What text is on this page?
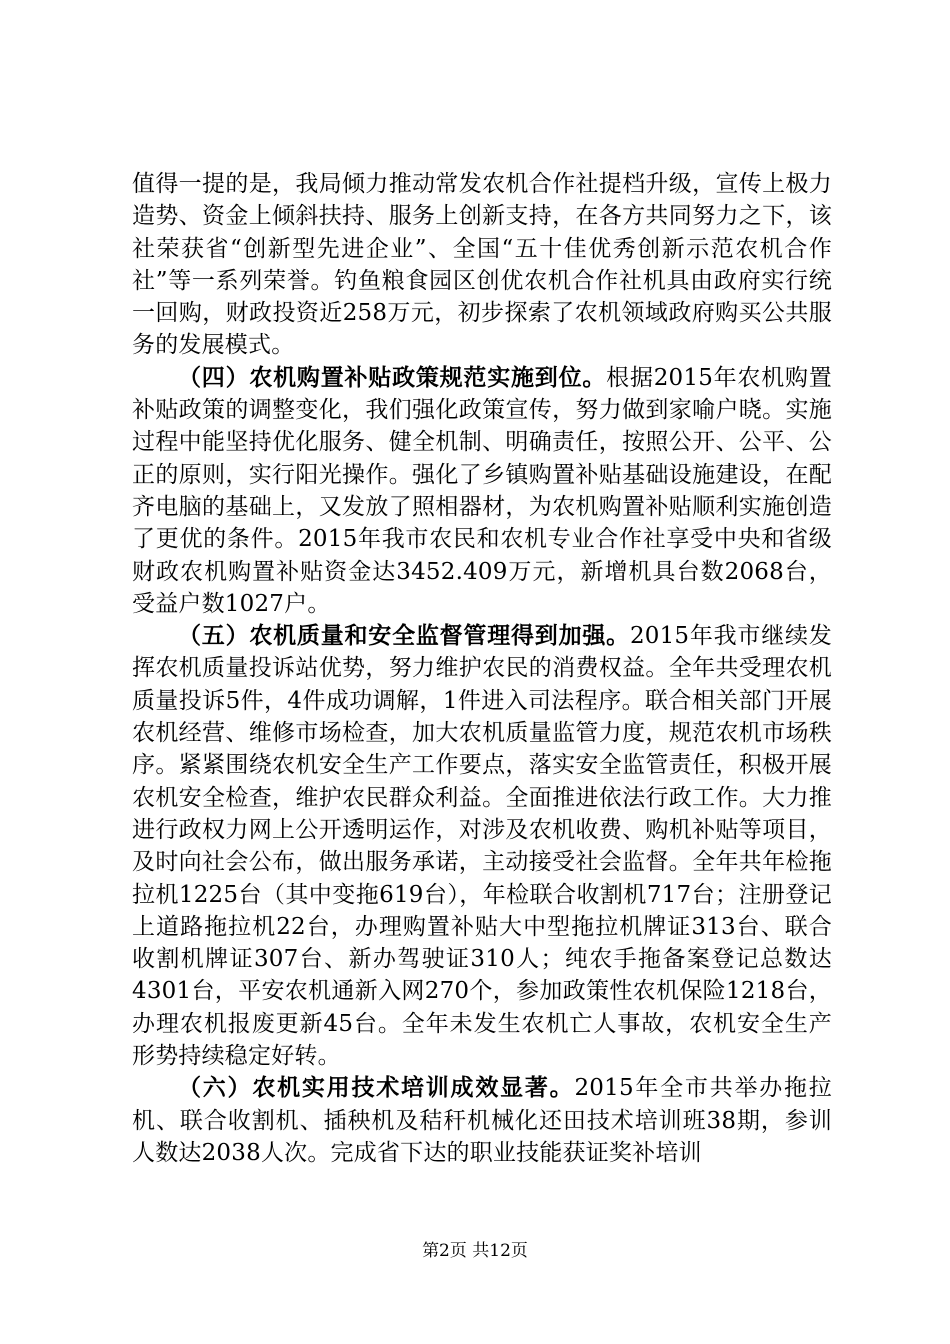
值得一提的是，我局倾力推动常发农机合作社提档升级，宣传上极力造势、资金上倾斜扶持、服务上创新支持，在各方共同努力之下，该社荣获省“创新型先进企业”、全国“五十佳优秀创新示范农机合作社”等一系列荣誉。钓鱼粮食园区创优农机合作社机具由政府实行统一回购，财政投资近258万元，初步探索了农机领域政府购买公共服务的发展模式。

（四）农机购置补贴政策规范实施到位。根据2015年农机购置补贴政策的调整变化，我们强化政策宣传，努力做到家喻户晓。实施过程中能坚持优化服务、健全机制、明确责任，按照公开、公平、公正的原则，实行阳光操作。强化了乡镇购置补贴基础设施建设，在配齐电脑的基础上，又发放了照相器材，为农机购置补贴顺利实施创造了更优的条件。2015年我市农民和农机专业合作社享受中央和省级财政农机购置补贴资金达3452.409万元，新增机具台数2068台，受益户数1027户。

（五）农机质量和安全监督管理得到加强。2015年我市继续发挥农机质量投诉站优势，努力维护农民的消费权益。全年共受理农机质量投诉5件，4件成功调解，1件进入司法程序。联合相关部门开展农机经营、维修市场检查，加大农机质量监管力度，规范农机市场秩序。紧紧围绕农机安全生产工作要点，落实安全监管责任，积极开展农机安全检查，维护农民群众利益。全面推进依法行政工作。大力推进行政权力网上公开透明运作，对涉及农机收费、购机补贴等项目，及时向社会公布，做出服务承诺，主动接受社会监督。全年共年检拖拉机1225台（其中变拖619台），年检联合收割机717台；注册登记上道路拖拉机22台，办理购置补贴大中型拖拉机牌证313台、联合收割机牌证307台、新办驾驶证310人；纯农手拖备案登记总数达4301台，平安农机通新入网270个，参加政策性农机保险1218台，办理农机报废更新45台。全年未发生农机亡人事故，农机安全生产形势持续稳定好转。

（六）农机实用技术培训成效显著。2015年全市共举办拖拉机、联合收割机、插秧机及秸秆机械化还田技术培训班38期，参训人数达2038人次。完成省下达的职业技能获证奖补培训

第2页 共12页
